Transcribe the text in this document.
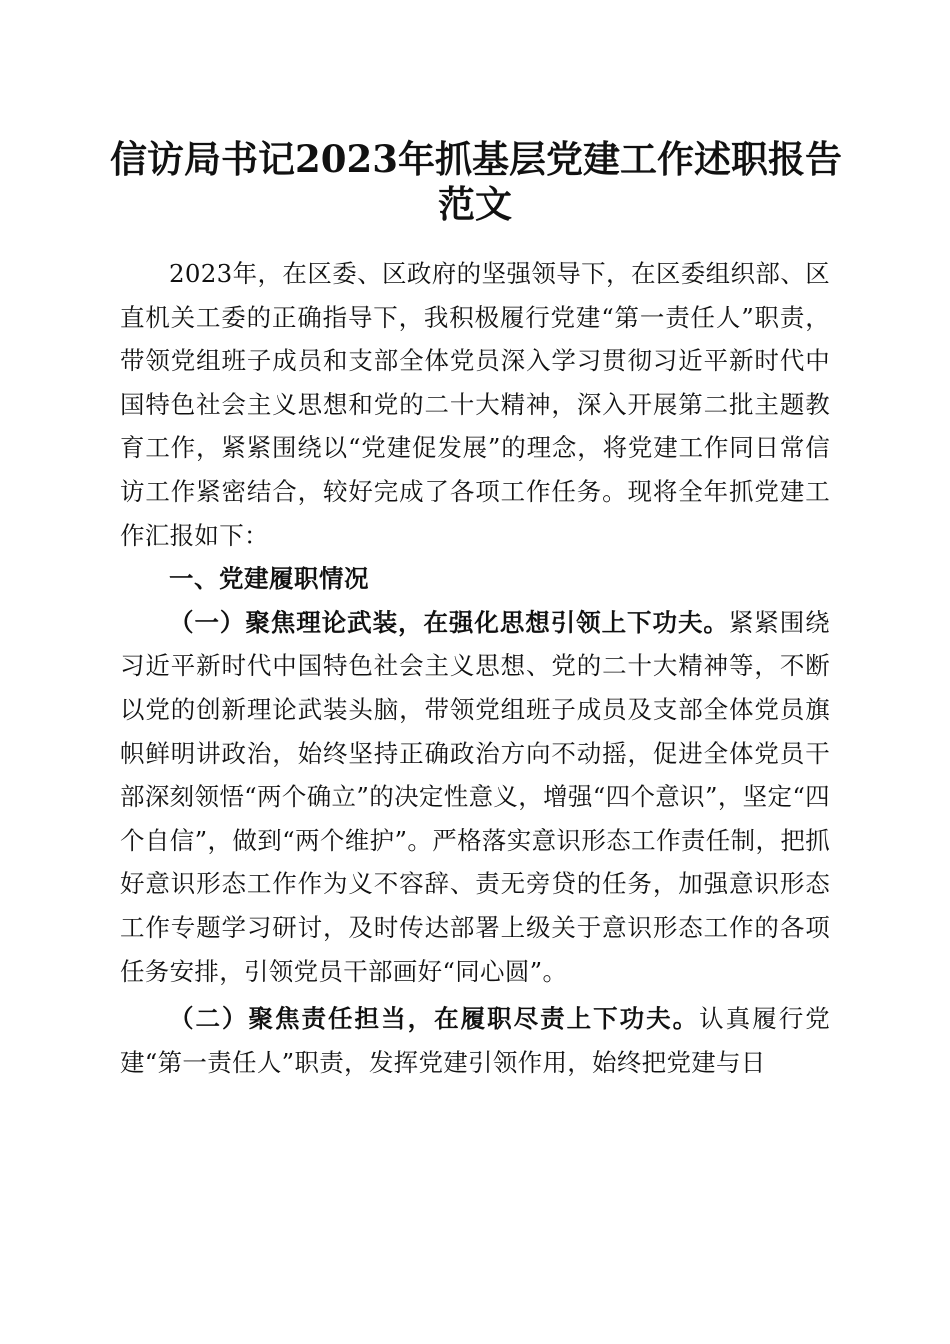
信访局书记2023年抓基层党建工作述职报告
范文

2023年，在区委、区政府的坚强领导下，在区委组织部、区直机关工委的正确指导下，我积极履行党建“第一责任人”职责，带领党组班子成员和支部全体党员深入学习贯彻习近平新时代中国特色社会主义思想和党的二十大精神，深入开展第二批主题教育工作，紧紧围绕以“党建促发展”的理念，将党建工作同日常信访工作紧密结合，较好完成了各项工作任务。现将全年抓党建工作汇报如下：

一、党建履职情况

（一）聚焦理论武装，在强化思想引领上下功夫。紧紧围绕习近平新时代中国特色社会主义思想、党的二十大精神等，不断以党的创新理论武装头脑，带领党组班子成员及支部全体党员旗帜鲜明讲政治，始终坚持正确政治方向不动摇，促进全体党员干部深刻领悟“两个确立”的决定性意义，增强“四个意识”，坚定“四个自信”，做到“两个维护”。严格落实意识形态工作责任制，把抓好意识形态工作作为义不容辞、责无旁贷的任务，加强意识形态工作专题学习研讨，及时传达部署上级关于意识形态工作的各项任务安排，引领党员干部画好“同心圆”。

（二）聚焦责任担当，在履职尽责上下功夫。认真履行党建“第一责任人”职责，发挥党建引领作用，始终把党建与日
